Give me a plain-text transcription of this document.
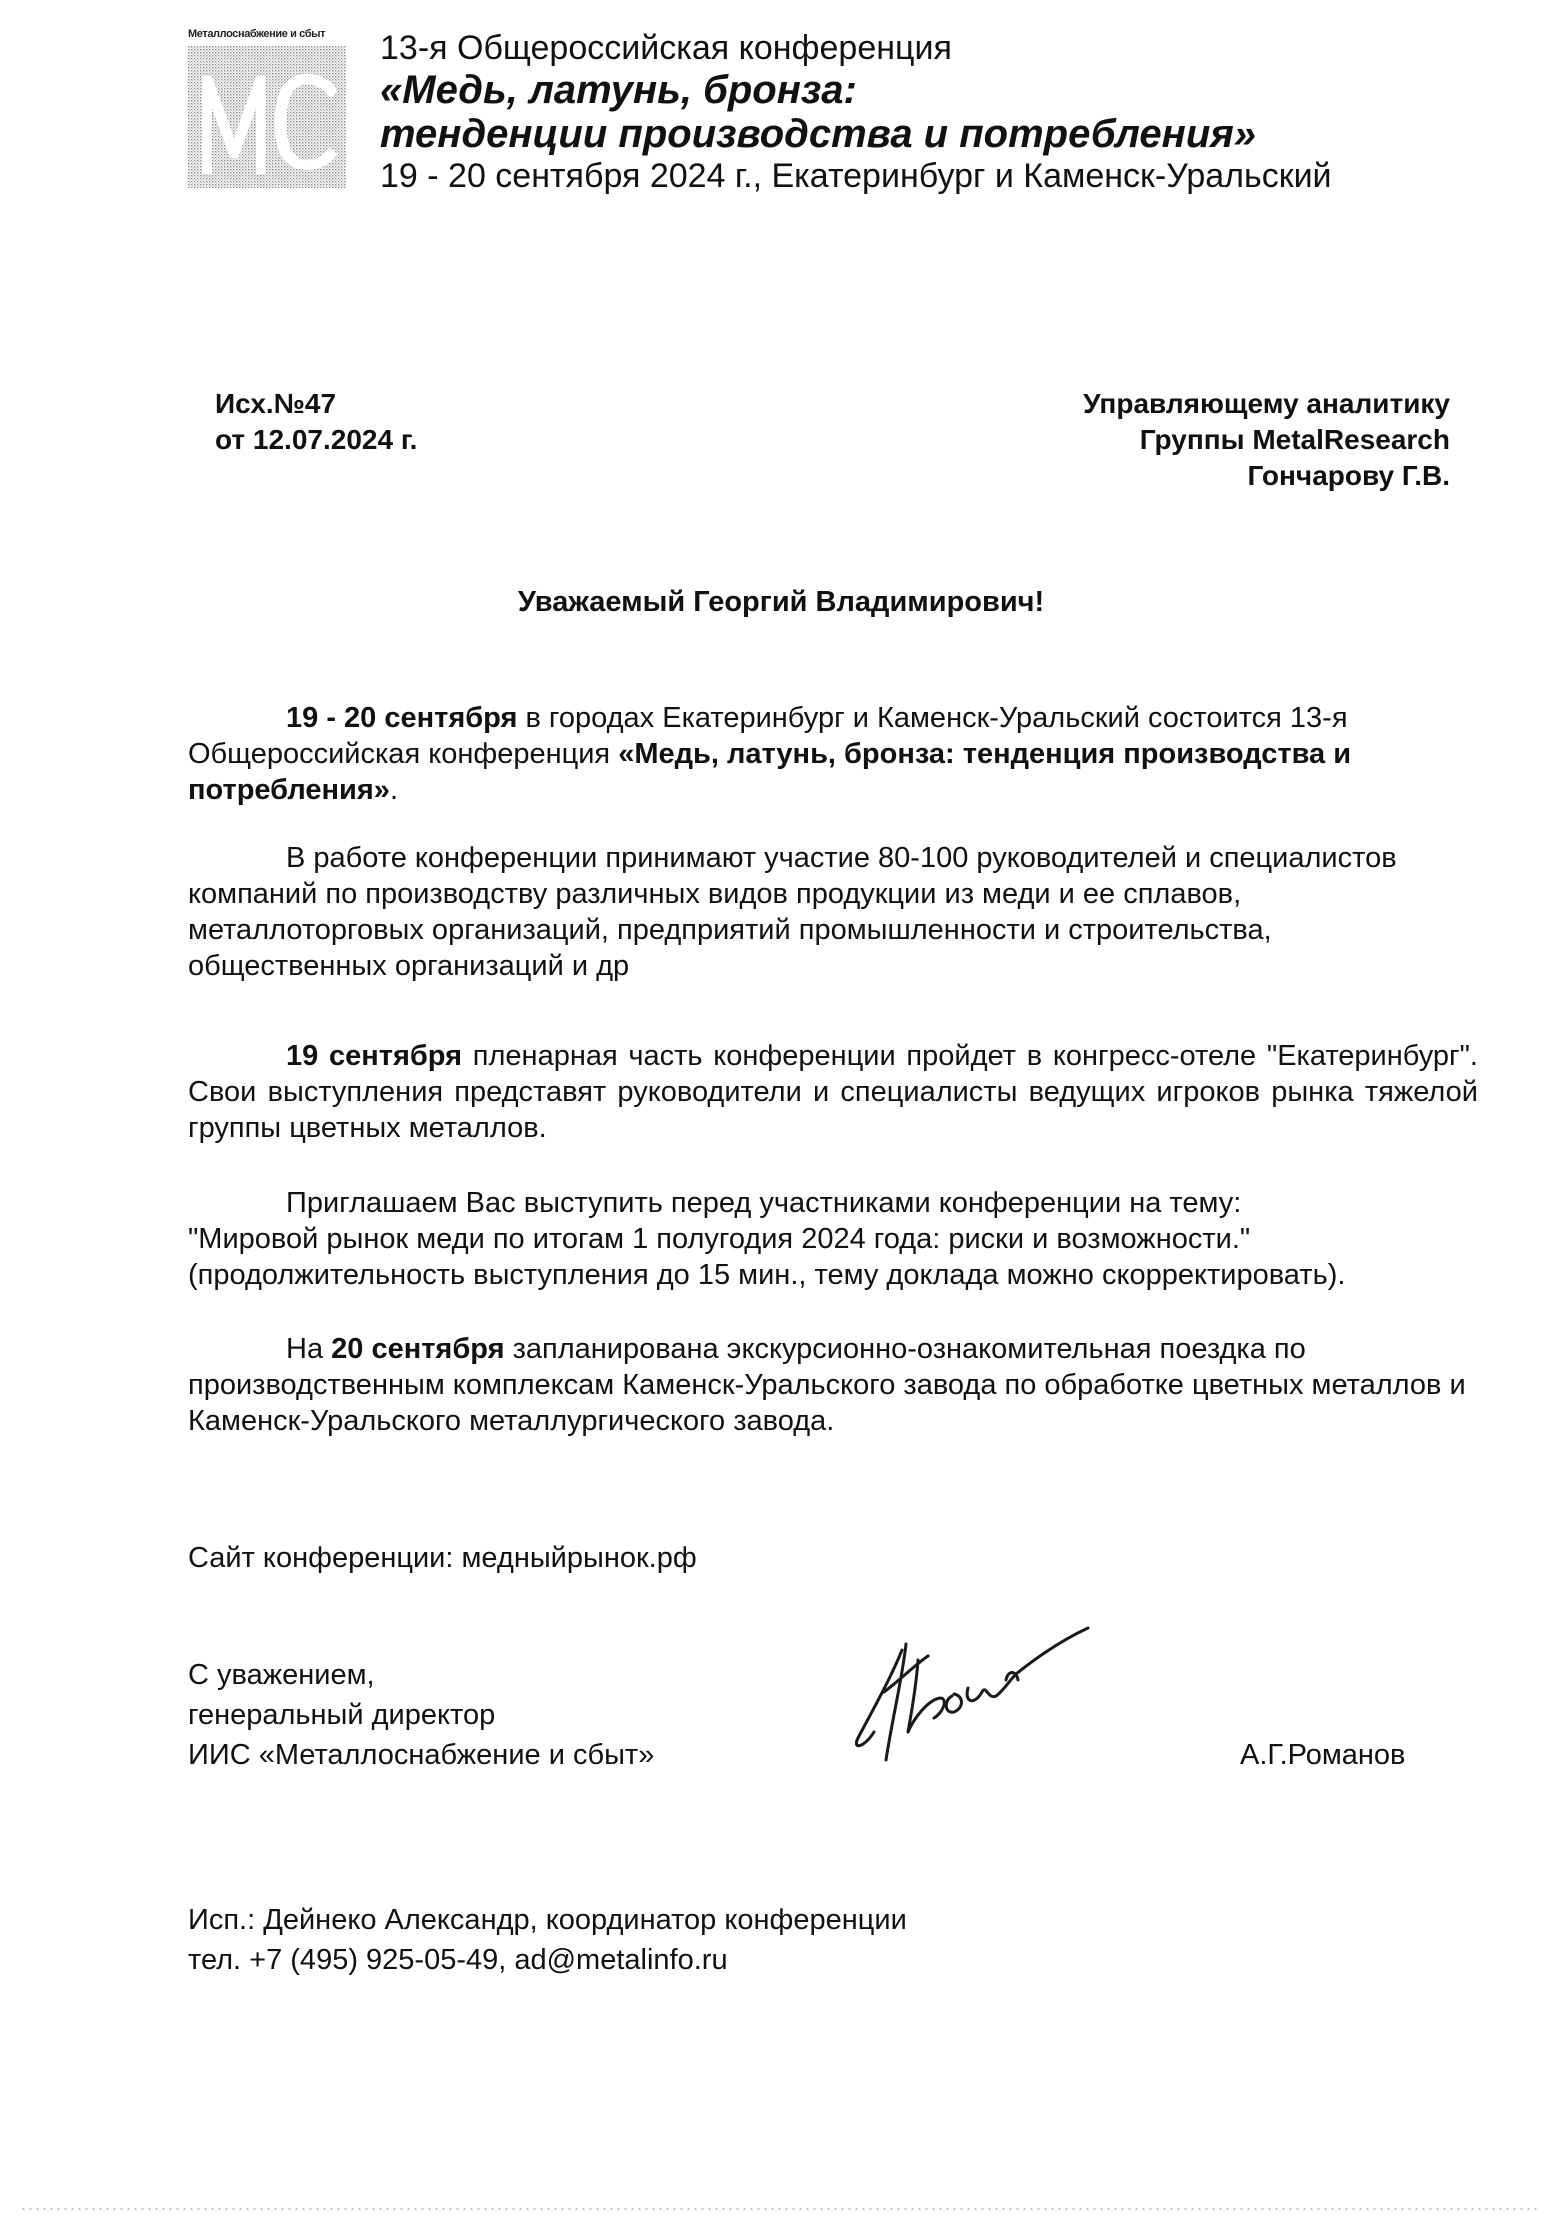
Металлоснабжение и сбыт	13-я Общероссийская конференция
«Медь, латунь, бронза:
тенденции производства и потребления»
19 - 20 сентября 2024 г., Екатеринбург и Каменск-Уральский
Исх.№47
от 12.07.2024 г.
Управляющему аналитику
Группы MetalResearch
Гончарову Г.В.
Уважаемый Георгий Владимирович!

19 - 20 сентября в городах Екатеринбург и Каменск-Уральский состоится 13-я Общероссийская конференция «Медь, латунь, бронза: тенденция производства и потребления».

В работе конференции принимают участие 80-100 руководителей и специалистов компаний по производству различных видов продукции из меди и ее сплавов, металлоторговых организаций, предприятий промышленности и строительства, общественных организаций и др

19 сентября пленарная часть конференции пройдет в конгресс-отеле "Екатеринбург". Свои выступления представят руководители и специалисты ведущих игроков рынка тяжелой группы цветных металлов.

Приглашаем Вас выступить перед участниками конференции на тему:

"Мировой рынок меди по итогам 1 полугодия 2024 года: риски и возможности."

(продолжительность выступления до 15 мин., тему доклада можно скорректировать).

На 20 сентября запланирована экскурсионно-ознакомительная поездка по производственным комплексам Каменск-Уральского завода по обработке цветных металлов и Каменск-Уральского металлургического завода.

Сайт конференции: медныйрынок.рф
С уважением,
генеральный директор
ИИС «Металлоснабжение и сбыт»	А.Г.Романов
Исп.: Дейнеко Александр, координатор конференции
тел. +7 (495) 925-05-49, ad@metalinfo.ru
